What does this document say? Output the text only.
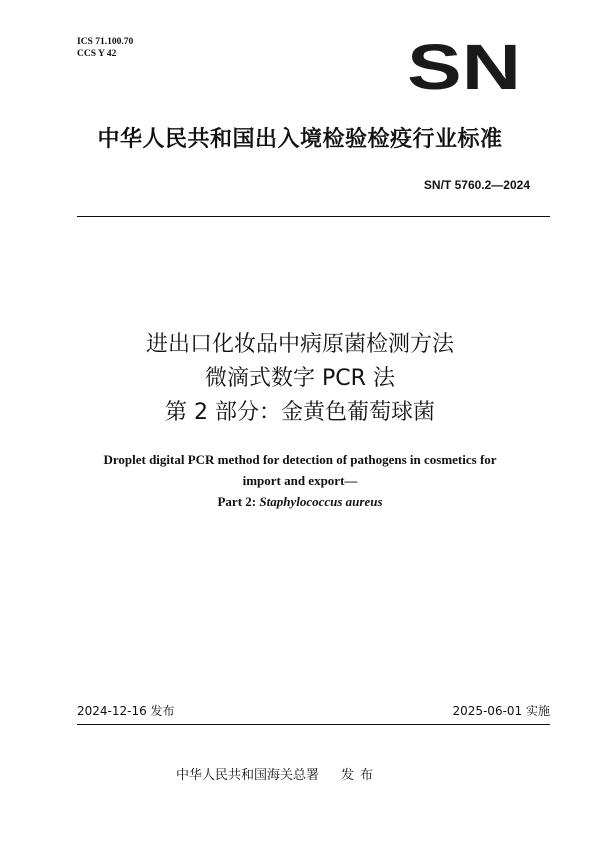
ICS 71.100.70
CCS Y 42	SN
中华人民共和国出入境检验检疫行业标准
SN/T 5760.2—2024
进出口化妆品中病原菌检测方法
微滴式数字 PCR 法
第 2 部分：金黄色葡萄球菌
Droplet digital PCR method for detection of pathogens in cosmetics for
import and export—
Part 2: Staphylococcus aureus
2024-12-16 发布	2025-06-01 实施
中华人民共和国海关总署 发布
